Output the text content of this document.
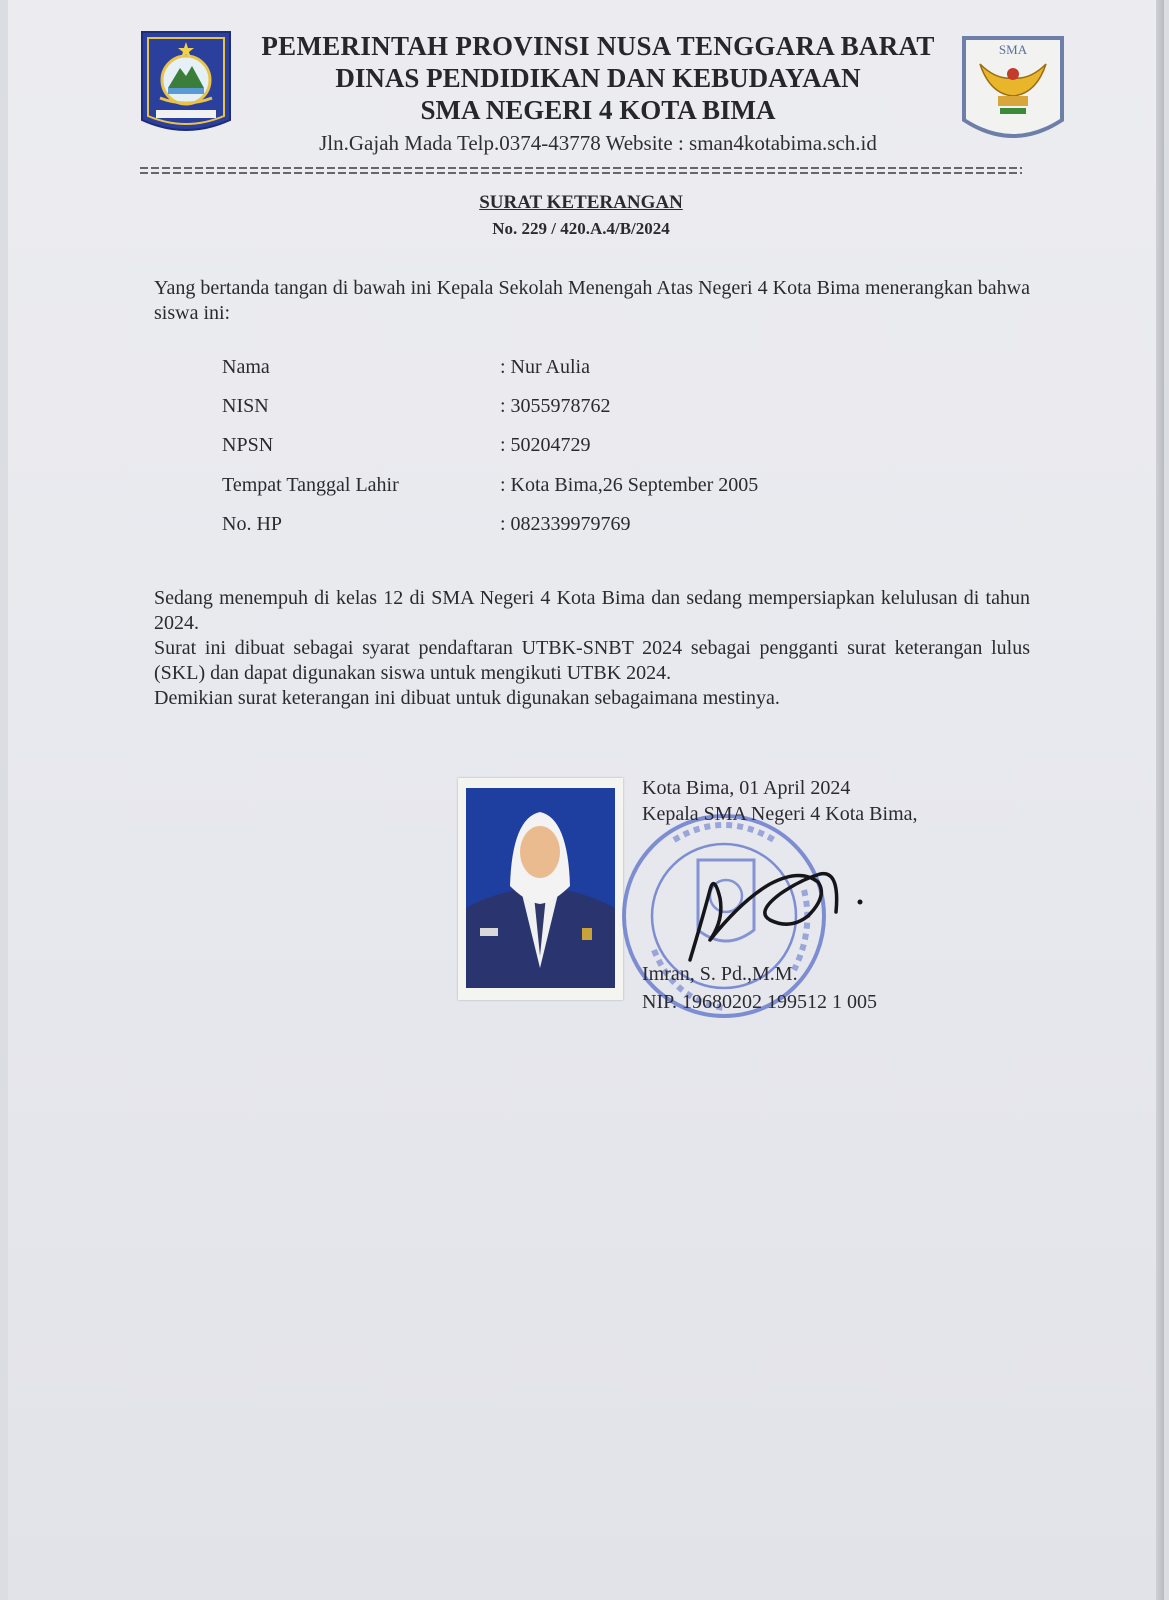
PEMERINTAH PROVINSI NUSA TENGGARA BARAT
DINAS PENDIDIKAN DAN KEBUDAYAAN
SMA NEGERI 4 KOTA BIMA
Jln.Gajah Mada Telp.0374-43778 Website : sman4kotabima.sch.id
SMA
SURAT KETERANGAN
No. 229 / 420.A.4/B/2024
Yang bertanda tangan di bawah ini Kepala Sekolah Menengah Atas Negeri 4 Kota Bima menerangkan bahwa siswa ini:
Nama	: Nur Aulia
NISN	: 3055978762
NPSN	: 50204729
Tempat Tanggal Lahir	: Kota Bima,26 September 2005
No. HP	: 082339979769

Sedang menempuh di kelas 12 di SMA Negeri 4 Kota Bima dan sedang mempersiapkan kelulusan di tahun 2024.

Surat ini dibuat sebagai syarat pendaftaran UTBK-SNBT 2024 sebagai pengganti surat keterangan lulus (SKL) dan dapat digunakan siswa untuk mengikuti UTBK 2024.

Demikian surat keterangan ini dibuat untuk digunakan sebagaimana mestinya.

Kota Bima, 01 April 2024
Kepala SMA Negeri 4 Kota Bima,
Imran, S. Pd.,M.M.
NIP. 19680202 199512 1 005
